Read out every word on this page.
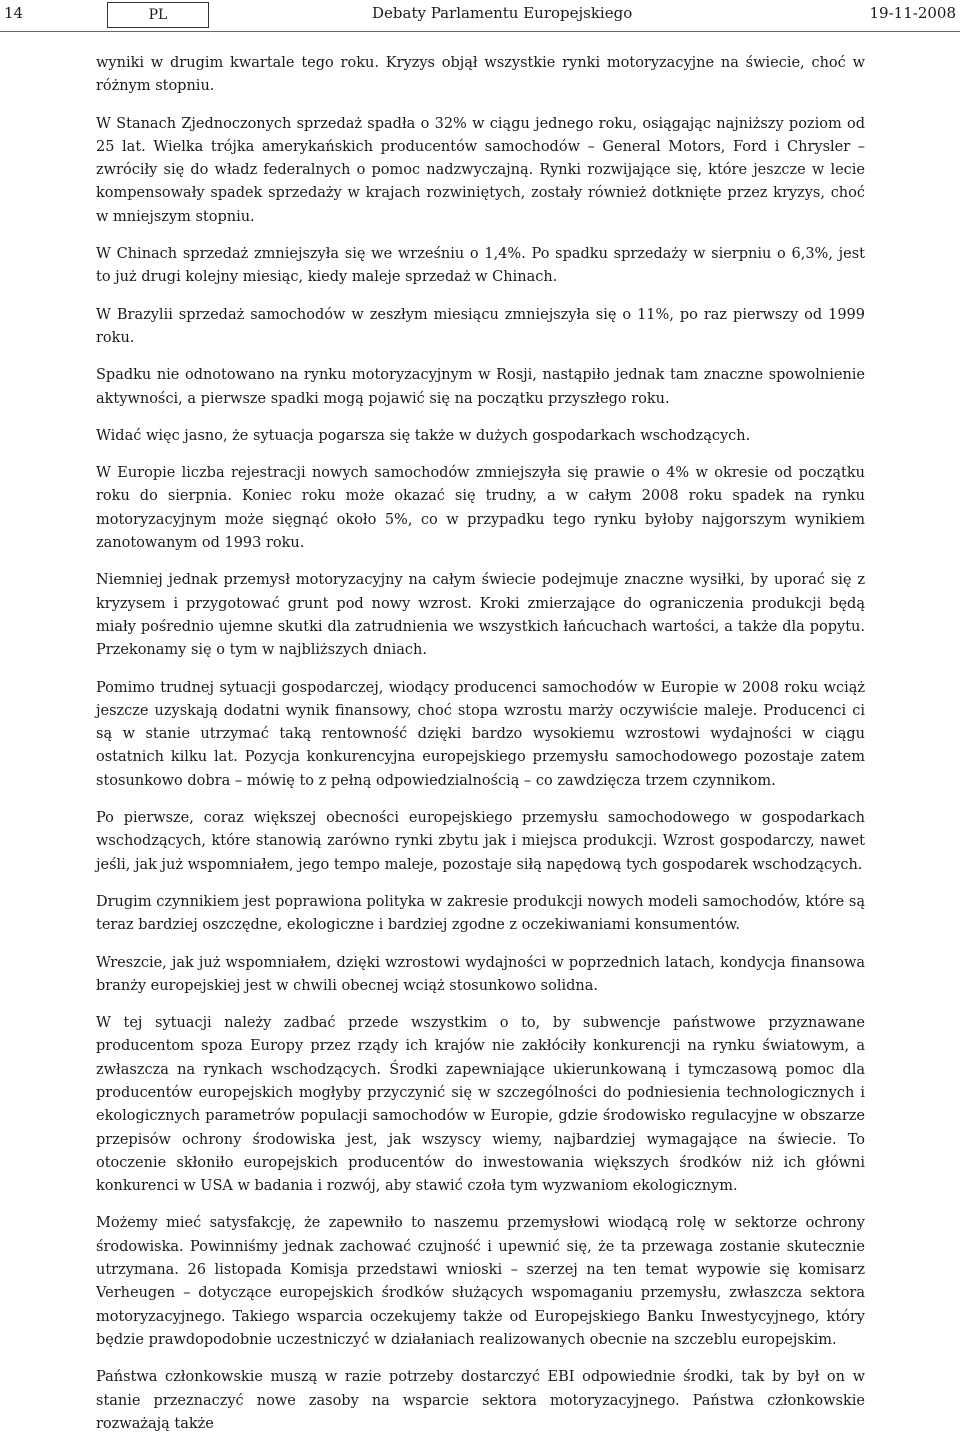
14	PL	Debaty Parlamentu Europejskiego	19-11-2008

wyniki w drugim kwartale tego roku. Kryzys objął wszystkie rynki motoryzacyjne na świecie, choć w różnym stopniu.

W Stanach Zjednoczonych sprzedaż spadła o 32% w ciągu jednego roku, osiągając najniższy poziom od 25 lat. Wielka trójka amerykańskich producentów samochodów – General Motors, Ford i Chrysler – zwróciły się do władz federalnych o pomoc nadzwyczajną. Rynki rozwijające się, które jeszcze w lecie kompensowały spadek sprzedaży w krajach rozwiniętych, zostały również dotknięte przez kryzys, choć w mniejszym stopniu.

W Chinach sprzedaż zmniejszyła się we wrześniu o 1,4%. Po spadku sprzedaży w sierpniu o 6,3%, jest to już drugi kolejny miesiąc, kiedy maleje sprzedaż w Chinach.

W Brazylii sprzedaż samochodów w zeszłym miesiącu zmniejszyła się o 11%, po raz pierwszy od 1999 roku.

Spadku nie odnotowano na rynku motoryzacyjnym w Rosji, nastąpiło jednak tam znaczne spowolnienie aktywności, a pierwsze spadki mogą pojawić się na początku przyszłego roku.

Widać więc jasno, że sytuacja pogarsza się także w dużych gospodarkach wschodzących.

W Europie liczba rejestracji nowych samochodów zmniejszyła się prawie o 4% w okresie od początku roku do sierpnia. Koniec roku może okazać się trudny, a w całym 2008 roku spadek na rynku motoryzacyjnym może sięgnąć około 5%, co w przypadku tego rynku byłoby najgorszym wynikiem zanotowanym od 1993 roku.

Niemniej jednak przemysł motoryzacyjny na całym świecie podejmuje znaczne wysiłki, by uporać się z kryzysem i przygotować grunt pod nowy wzrost. Kroki zmierzające do ograniczenia produkcji będą miały pośrednio ujemne skutki dla zatrudnienia we wszystkich łańcuchach wartości, a także dla popytu. Przekonamy się o tym w najbliższych dniach.

Pomimo trudnej sytuacji gospodarczej, wiodący producenci samochodów w Europie w 2008 roku wciąż jeszcze uzyskają dodatni wynik finansowy, choć stopa wzrostu marży oczywiście maleje. Producenci ci są w stanie utrzymać taką rentowność dzięki bardzo wysokiemu wzrostowi wydajności w ciągu ostatnich kilku lat. Pozycja konkurencyjna europejskiego przemysłu samochodowego pozostaje zatem stosunkowo dobra – mówię to z pełną odpowiedzialnością – co zawdzięcza trzem czynnikom.

Po pierwsze, coraz większej obecności europejskiego przemysłu samochodowego w gospodarkach wschodzących, które stanowią zarówno rynki zbytu jak i miejsca produkcji. Wzrost gospodarczy, nawet jeśli, jak już wspomniałem, jego tempo maleje, pozostaje siłą napędową tych gospodarek wschodzących.

Drugim czynnikiem jest poprawiona polityka w zakresie produkcji nowych modeli samochodów, które są teraz bardziej oszczędne, ekologiczne i bardziej zgodne z oczekiwaniami konsumentów.

Wreszcie, jak już wspomniałem, dzięki wzrostowi wydajności w poprzednich latach, kondycja finansowa branży europejskiej jest w chwili obecnej wciąż stosunkowo solidna.

W tej sytuacji należy zadbać przede wszystkim o to, by subwencje państwowe przyznawane producentom spoza Europy przez rządy ich krajów nie zakłóciły konkurencji na rynku światowym, a zwłaszcza na rynkach wschodzących. Środki zapewniające ukierunkowaną i tymczasową pomoc dla producentów europejskich mogłyby przyczynić się w szczególności do podniesienia technologicznych i ekologicznych parametrów populacji samochodów w Europie, gdzie środowisko regulacyjne w obszarze przepisów ochrony środowiska jest, jak wszyscy wiemy, najbardziej wymagające na świecie. To otoczenie skłoniło europejskich producentów do inwestowania większych środków niż ich główni konkurenci w USA w badania i rozwój, aby stawić czoła tym wyzwaniom ekologicznym.

Możemy mieć satysfakcję, że zapewniło to naszemu przemysłowi wiodącą rolę w sektorze ochrony środowiska. Powinniśmy jednak zachować czujność i upewnić się, że ta przewaga zostanie skutecznie utrzymana. 26 listopada Komisja przedstawi wnioski – szerzej na ten temat wypowie się komisarz Verheugen – dotyczące europejskich środków służących wspomaganiu przemysłu, zwłaszcza sektora motoryzacyjnego. Takiego wsparcia oczekujemy także od Europejskiego Banku Inwestycyjnego, który będzie prawdopodobnie uczestniczyć w działaniach realizowanych obecnie na szczeblu europejskim.

Państwa członkowskie muszą w razie potrzeby dostarczyć EBI odpowiednie środki, tak by był on w stanie przeznaczyć nowe zasoby na wsparcie sektora motoryzacyjnego. Państwa członkowskie rozważają także
